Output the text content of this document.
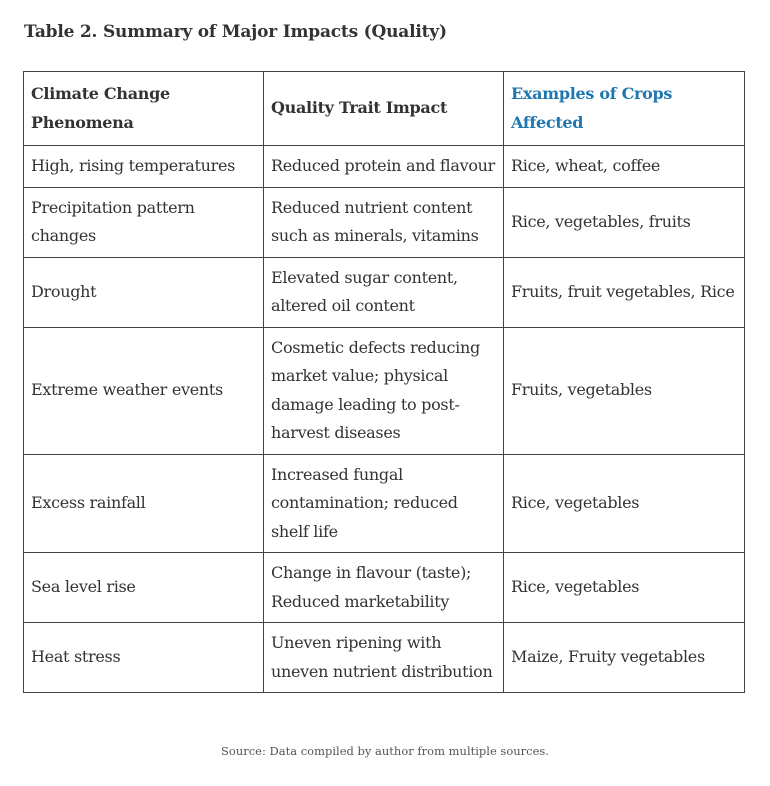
Table 2. Summary of Major Impacts (Quality)
Climate Change Phenomena	Quality Trait Impact	Examples of Crops Affected
High, rising temperatures	Reduced protein and flavour	Rice, wheat, coffee
Precipitation pattern changes	Reduced nutrient content such as minerals, vitamins	Rice, vegetables, fruits
Drought	Elevated sugar content, altered oil content	Fruits, fruit vegetables, Rice
Extreme weather events	Cosmetic defects reducing market value; physical damage leading to post-harvest diseases	Fruits, vegetables
Excess rainfall	Increased fungal contamination; reduced shelf life	Rice, vegetables
Sea level rise	Change in flavour (taste); Reduced marketability	Rice, vegetables
Heat stress	Uneven ripening with uneven nutrient distribution	Maize, Fruity vegetables
Source: Data compiled by author from multiple sources.
